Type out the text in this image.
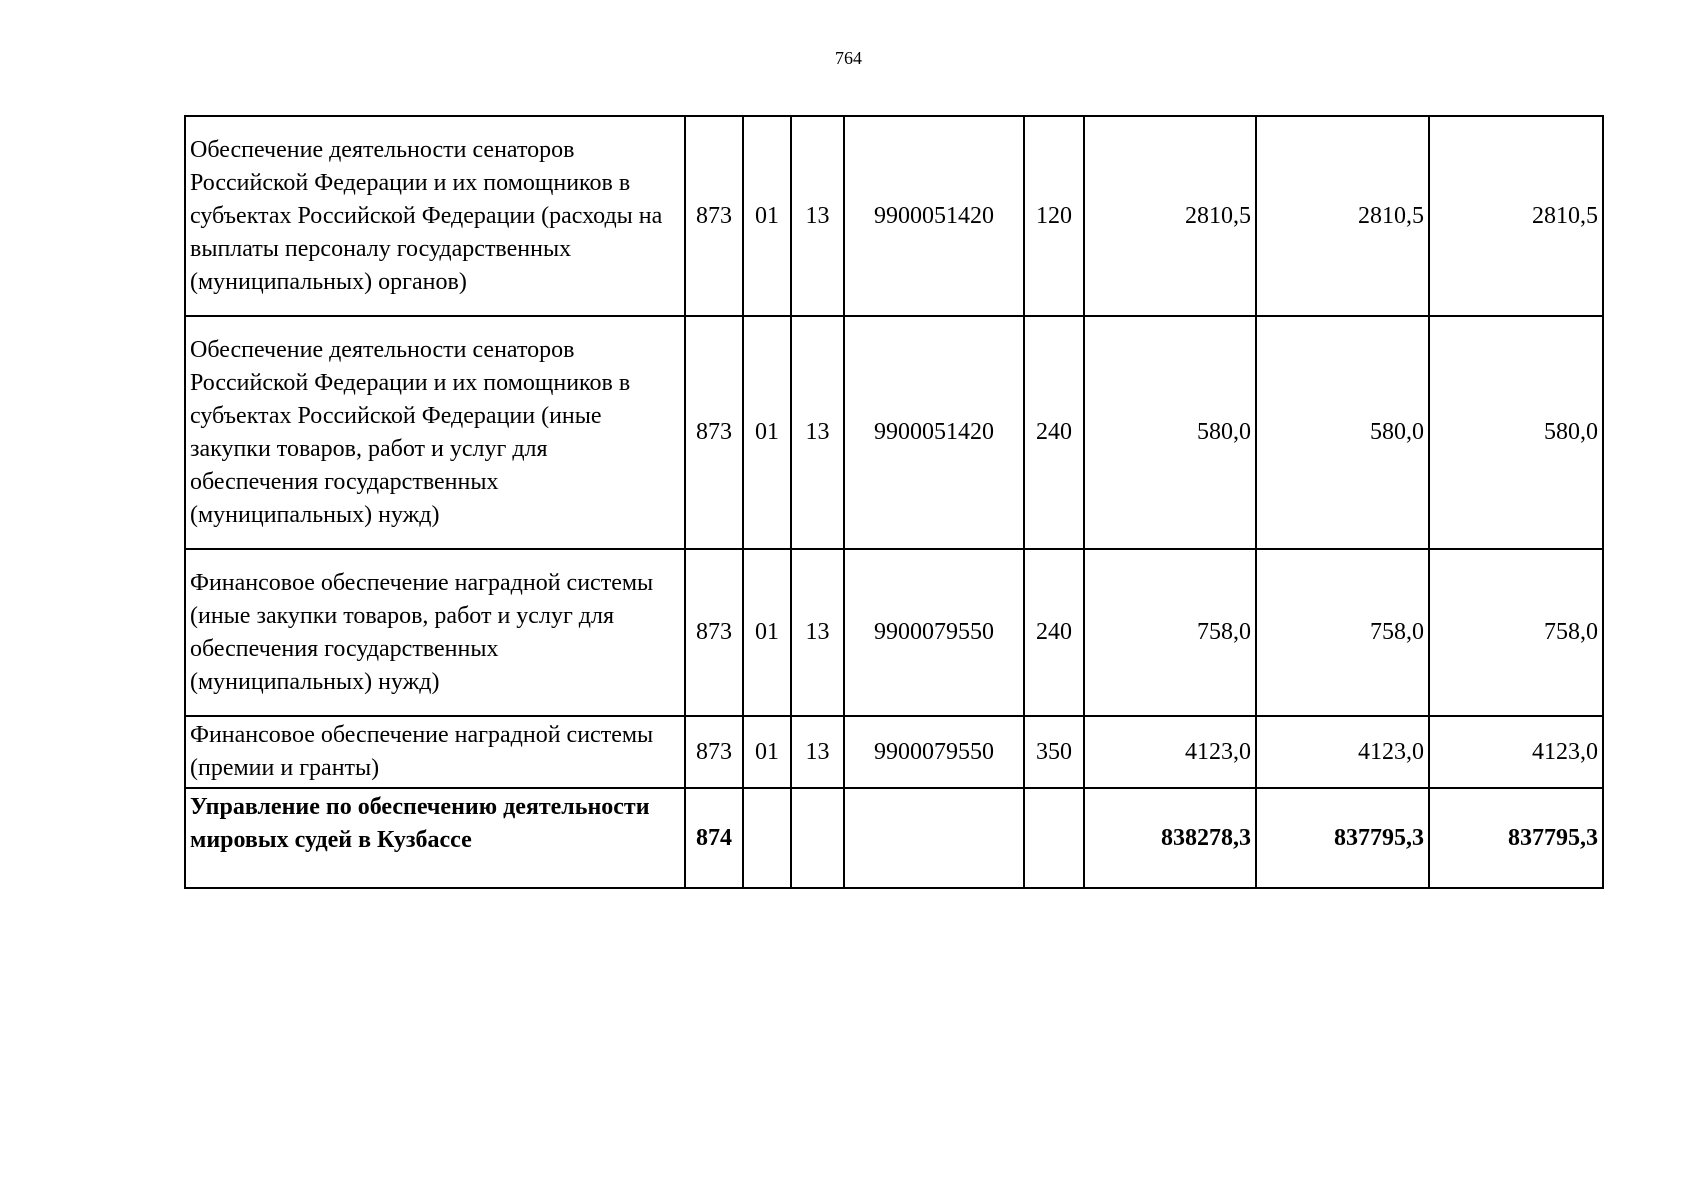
764
Обеспечение деятельности сенаторов Российской Федерации и их помощников в субъектах Российской Федерации (расходы на выплаты персоналу государственных (муниципальных) органов)	873	01	13	9900051420	120	2810,5	2810,5	2810,5
Обеспечение деятельности сенаторов Российской Федерации и их помощников в субъектах Российской Федерации (иные закупки товаров, работ и услуг для обеспечения государственных (муниципальных) нужд)	873	01	13	9900051420	240	580,0	580,0	580,0
Финансовое обеспечение наградной системы (иные закупки товаров, работ и услуг для обеспечения государственных (муниципальных) нужд)	873	01	13	9900079550	240	758,0	758,0	758,0
Финансовое обеспечение наградной системы (премии и гранты)	873	01	13	9900079550	350	4123,0	4123,0	4123,0
Управление по обеспечению деятельности мировых судей в Кузбассе	874					838278,3	837795,3	837795,3
